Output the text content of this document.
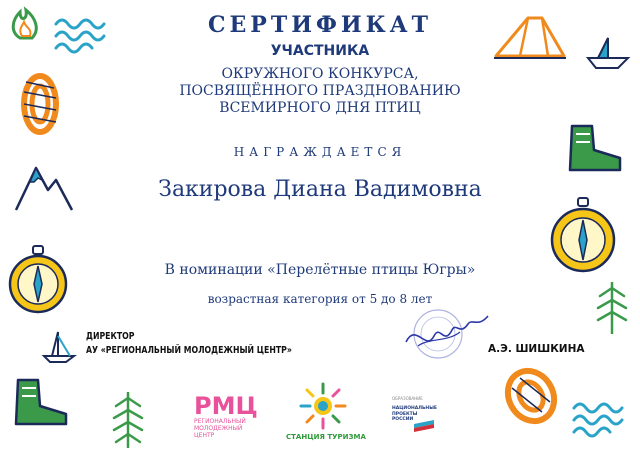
СЕРТИФИКАТ
УЧАСТНИКА
ОКРУЖНОГО КОНКУРСА,
ПОСВЯЩЁННОГО ПРАЗДНОВАНИЮ
ВСЕМИРНОГО ДНЯ ПТИЦ
НАГРАЖДАЕТСЯ
Закирова Диана Вадимовна
В номинации «Перелётные птицы Югры»
возрастная категория от 5 до 8 лет
ДИРЕКТОР
АУ «РЕГИОНАЛЬНЫЙ МОЛОДЕЖНЫЙ ЦЕНТР»	А.Э. ШИШКИНА
РМЦ
РЕГИОНАЛЬНЫЙ
МОЛОДЕЖНЫЙ
ЦЕНТР	СТАНЦИЯ ТУРИЗМА
ОБРАЗОВАНИЕ
НАЦИОНАЛЬНЫЕ
ПРОЕКТЫ
РОССИИ
